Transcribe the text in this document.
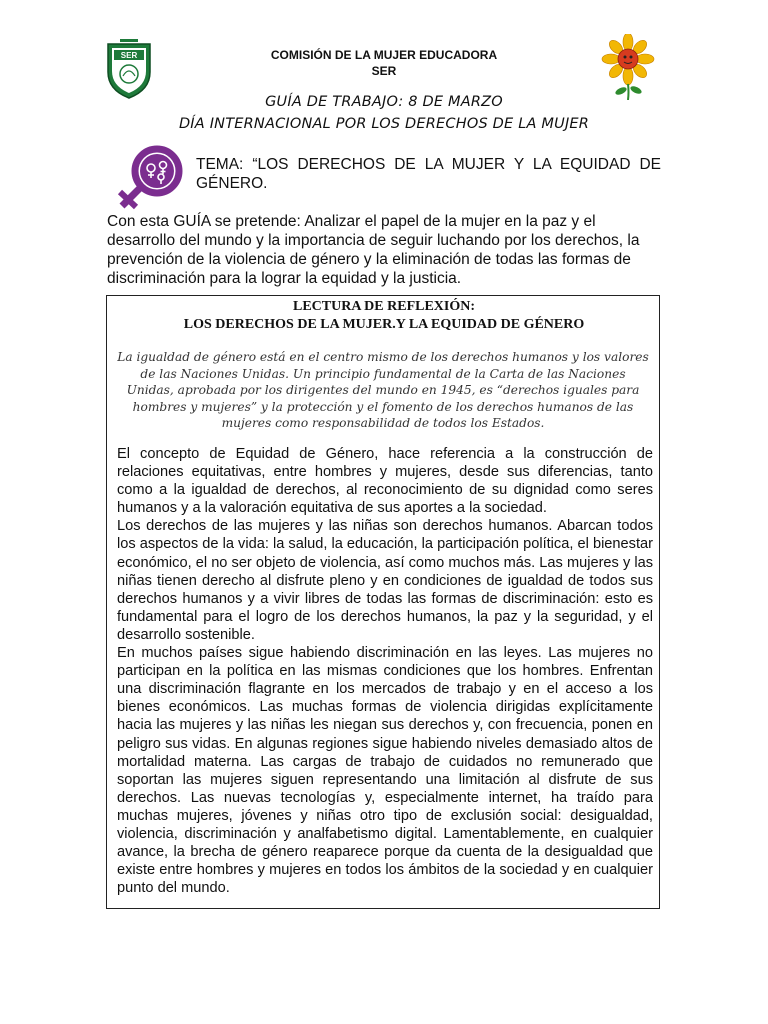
SER	COMISIÓN DE LA MUJER EDUCADORA
SER
GUÍA DE TRABAJO: 8 DE MARZO
DÍA INTERNACIONAL POR LOS DERECHOS DE LA MUJER
TEMA: “LOS DERECHOS DE LA MUJER Y LA EQUIDAD DE GÉNERO.
Con esta GUÍA se pretende: Analizar el papel de la mujer en la paz y el desarrollo del mundo y la importancia de seguir luchando por los derechos, la prevención de la violencia de género y la eliminación de todas las formas de discriminación para la lograr la equidad y la justicia.
LECTURA DE REFLEXIÓN:
LOS DERECHOS DE LA MUJER.Y LA EQUIDAD DE GÉNERO
La igualdad de género está en el centro mismo de los derechos humanos y los valores de las Naciones Unidas. Un principio fundamental de la Carta de las Naciones Unidas, aprobada por los dirigentes del mundo en 1945, es “derechos iguales para hombres y mujeres” y la protección y el fomento de los derechos humanos de las mujeres como responsabilidad de todos los Estados.

El concepto de Equidad de Género, hace referencia a la construcción de relaciones equitativas, entre hombres y mujeres, desde sus diferencias, tanto como a la igualdad de derechos, al reconocimiento de su dignidad como seres humanos y a la valoración equitativa de sus aportes a la sociedad.

Los derechos de las mujeres y las niñas son derechos humanos. Abarcan todos los aspectos de la vida: la salud, la educación, la participación política, el bienestar económico, el no ser objeto de violencia, así como muchos más. Las mujeres y las niñas tienen derecho al disfrute pleno y en condiciones de igualdad de todos sus derechos humanos y a vivir libres de todas las formas de discriminación: esto es fundamental para el logro de los derechos humanos, la paz y la seguridad, y el desarrollo sostenible.

En muchos países sigue habiendo discriminación en las leyes. Las mujeres no participan en la política en las mismas condiciones que los hombres. Enfrentan una discriminación flagrante en los mercados de trabajo y en el acceso a los bienes económicos. Las muchas formas de violencia dirigidas explícitamente hacia las mujeres y las niñas les niegan sus derechos y, con frecuencia, ponen en peligro sus vidas. En algunas regiones sigue habiendo niveles demasiado altos de mortalidad materna. Las cargas de trabajo de cuidados no remunerado que soportan las mujeres siguen representando una limitación al disfrute de sus derechos. Las nuevas tecnologías y, especialmente internet, ha traído para muchas mujeres, jóvenes y niñas otro tipo de exclusión social: desigualdad, violencia, discriminación y analfabetismo digital. Lamentablemente, en cualquier avance, la brecha de género reaparece porque da cuenta de la desigualdad que existe entre hombres y mujeres en todos los ámbitos de la sociedad y en cualquier punto del mundo.
